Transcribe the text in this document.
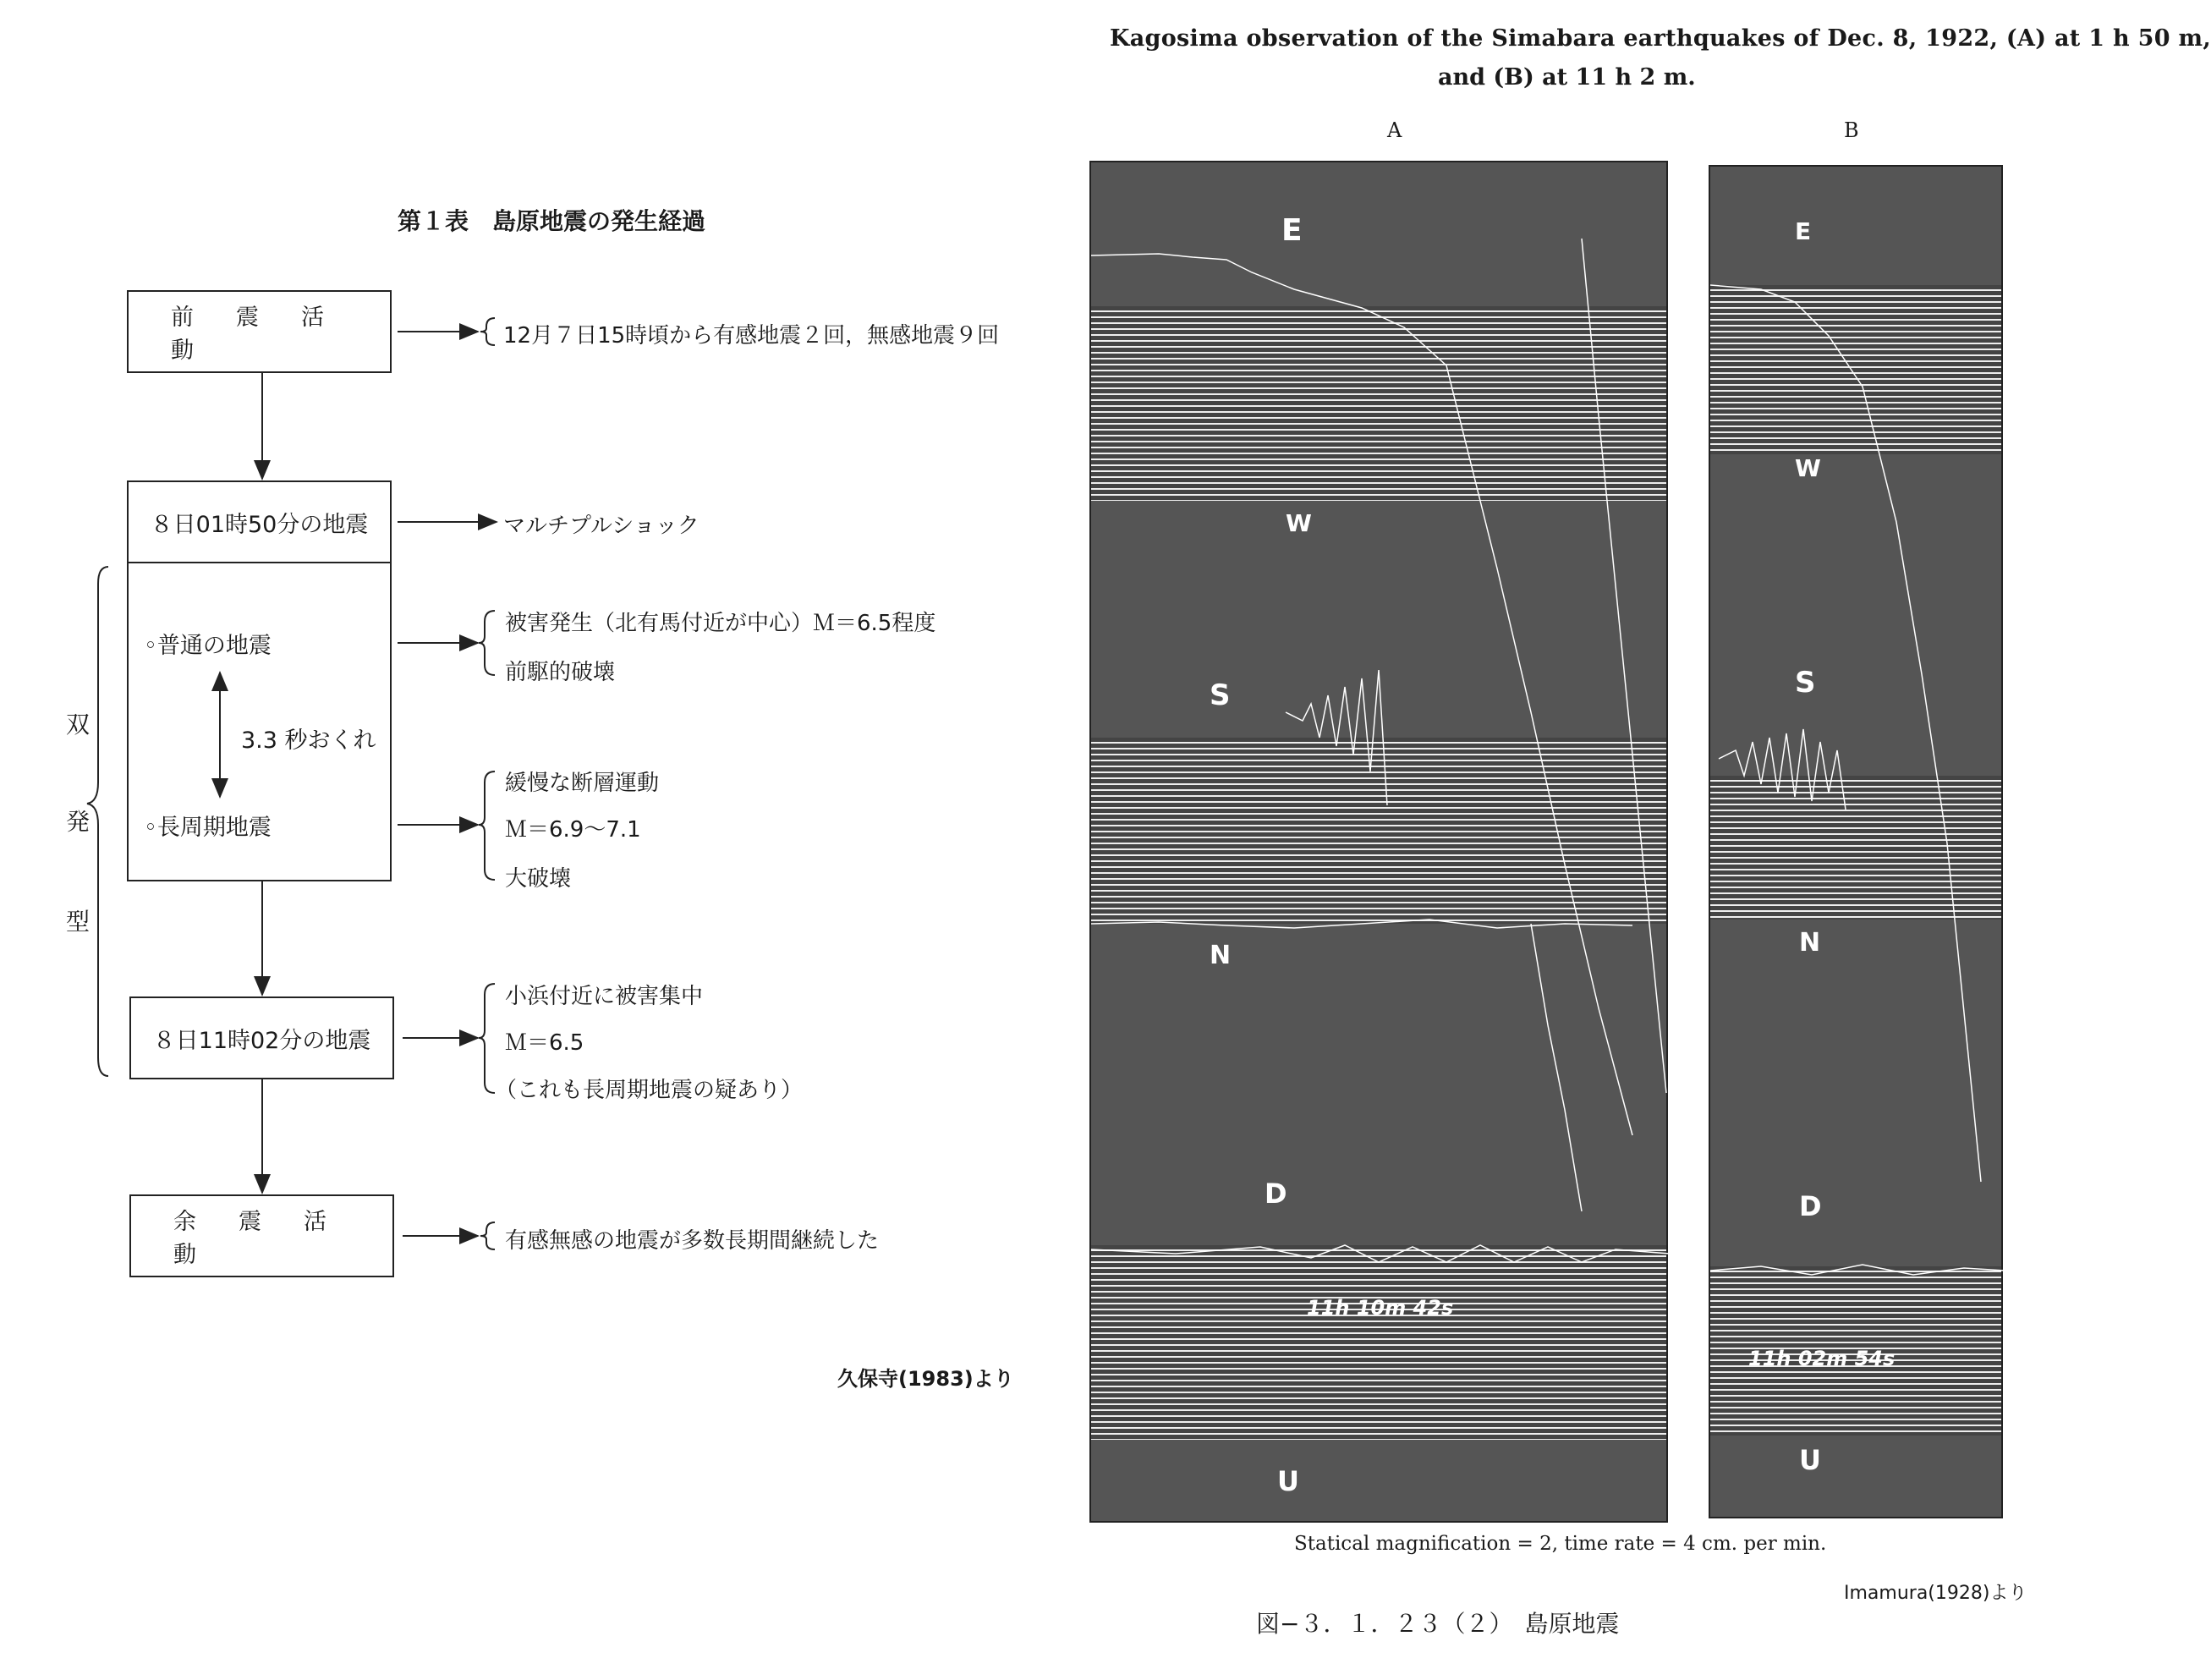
第１表　島原地震の発生経過
前震活動
８日01時50分の地震
◦普通の地震
3.3 秒おくれ
◦長周期地震
８日11時02分の地震
余震活動
12月７日15時頃から有感地震２回，無感地震９回
マルチプルショック
被害発生（北有馬付近が中心）Ｍ＝6.5程度
前駆的破壊
緩慢な断層運動
Ｍ＝6.9〜7.1
大破壊
小浜付近に被害集中
Ｍ＝6.5
（これも長周期地震の疑あり）
有感無感の地震が多数長期間継続した
双
発
型
久保寺(1983)より
Kagosima observation of the Simabara earthquakes of Dec. 8, 1922, (A) at 1 h 50 m,
and (B) at 11 h 2 m.
A	B
E
W
S
N
D
U
11h 10m 42s
E
W
S
N
D
U
11h 02m 54s
Statical magnification = 2, time rate = 4 cm. per min.
Imamura(1928)より
図−３．１．２３（２）　島原地震
